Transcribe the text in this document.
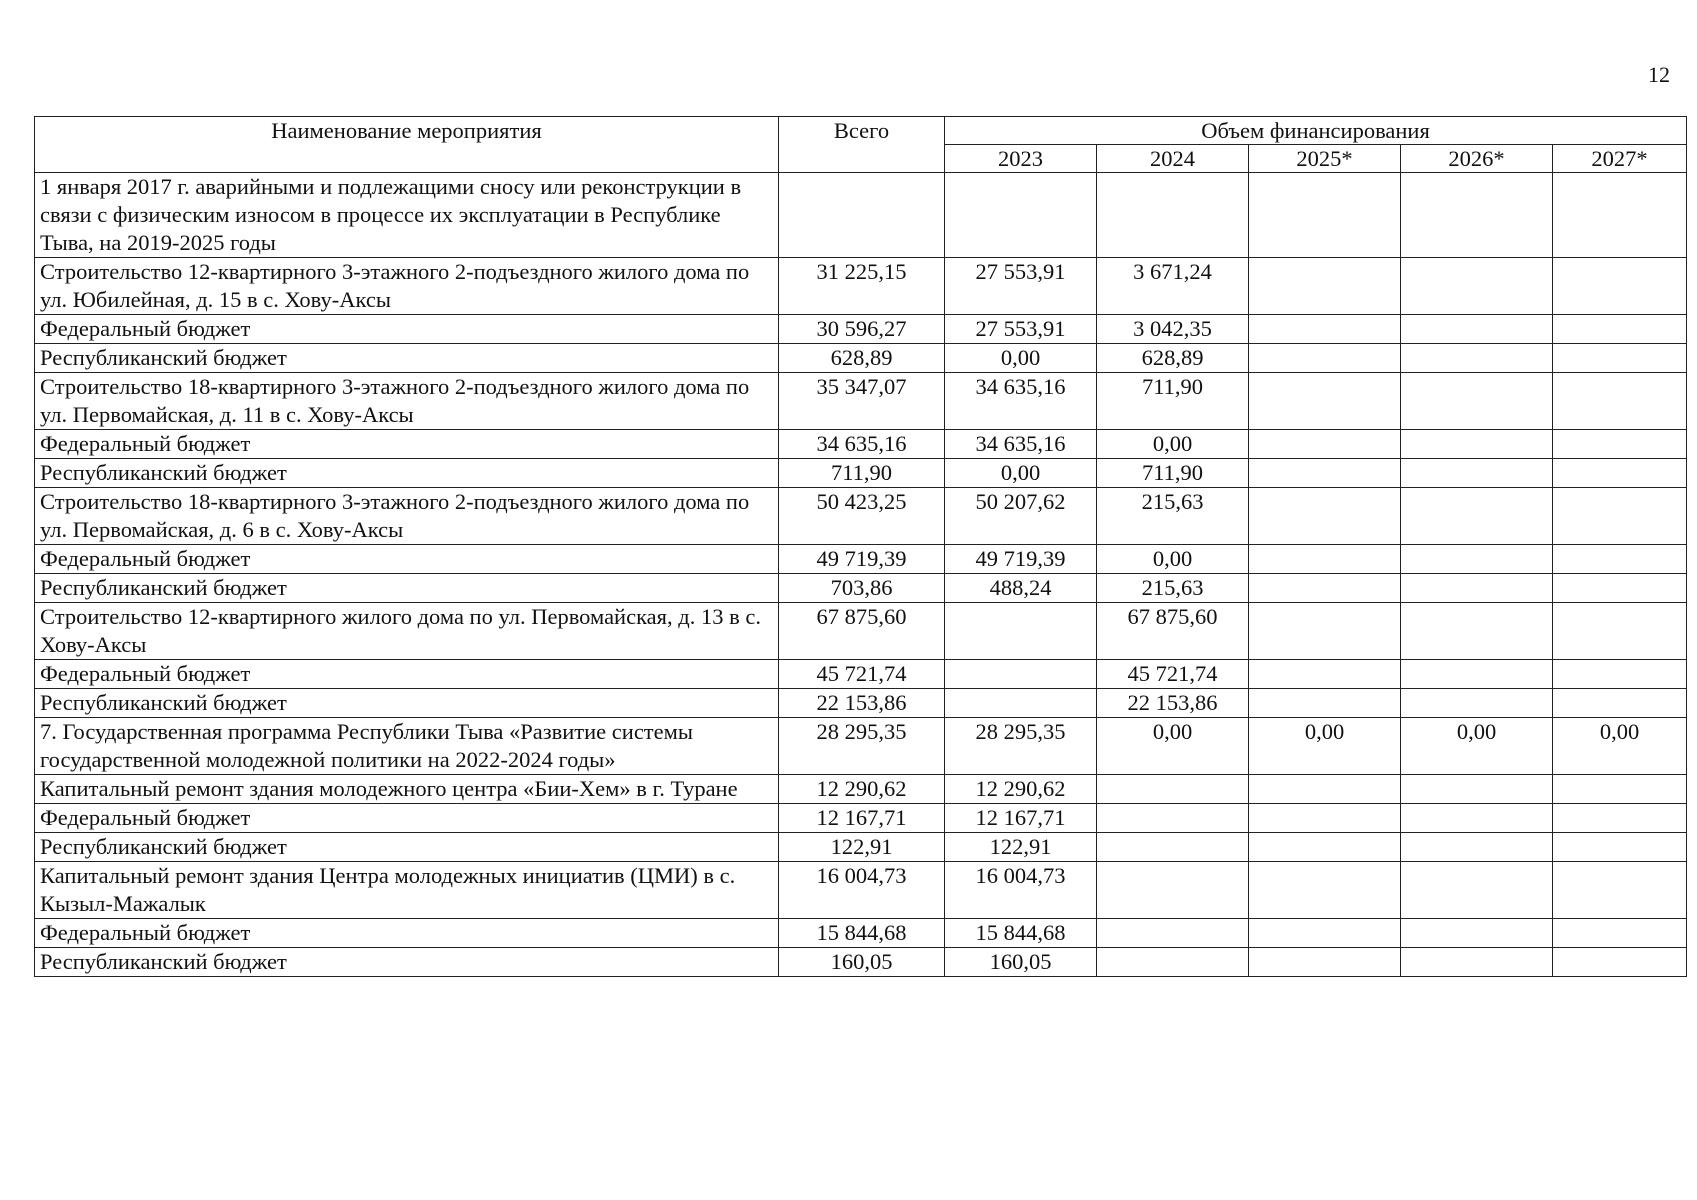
12
Наименование мероприятия	Всего	Объем финансирования				
		2023	2024	2025*	2026*	2027*
1 января 2017 г. аварийными и подлежащими сносу или реконструкции в связи с физическим износом в процессе их эксплуатации в Республике Тыва, на 2019-2025 годы						
Строительство 12-квартирного 3-этажного 2-подъездного жилого дома по ул. Юбилейная, д. 15 в с. Хову-Аксы	31 225,15	27 553,91	3 671,24			
Федеральный бюджет	30 596,27	27 553,91	3 042,35			
Республиканский бюджет	628,89	0,00	628,89			
Строительство 18-квартирного 3-этажного 2-подъездного жилого дома по ул. Первомайская, д. 11 в с. Хову-Аксы	35 347,07	34 635,16	711,90			
Федеральный бюджет	34 635,16	34 635,16	0,00			
Республиканский бюджет	711,90	0,00	711,90			
Строительство 18-квартирного 3-этажного 2-подъездного жилого дома по ул. Первомайская, д. 6 в с. Хову-Аксы	50 423,25	50 207,62	215,63			
Федеральный бюджет	49 719,39	49 719,39	0,00			
Республиканский бюджет	703,86	488,24	215,63			
Строительство 12-квартирного жилого дома по ул. Первомайская, д. 13 в с. Хову-Аксы	67 875,60		67 875,60			
Федеральный бюджет	45 721,74		45 721,74			
Республиканский бюджет	22 153,86		22 153,86			
7. Государственная программа Республики Тыва «Развитие системы государственной молодежной политики на 2022-2024 годы»	28 295,35	28 295,35	0,00	0,00	0,00	0,00
Капитальный ремонт здания молодежного центра «Бии-Хем» в г. Туране	12 290,62	12 290,62				
Федеральный бюджет	12 167,71	12 167,71				
Республиканский бюджет	122,91	122,91				
Капитальный ремонт здания Центра молодежных инициатив (ЦМИ) в с. Кызыл-Мажалык	16 004,73	16 004,73				
Федеральный бюджет	15 844,68	15 844,68				
Республиканский бюджет	160,05	160,05				
